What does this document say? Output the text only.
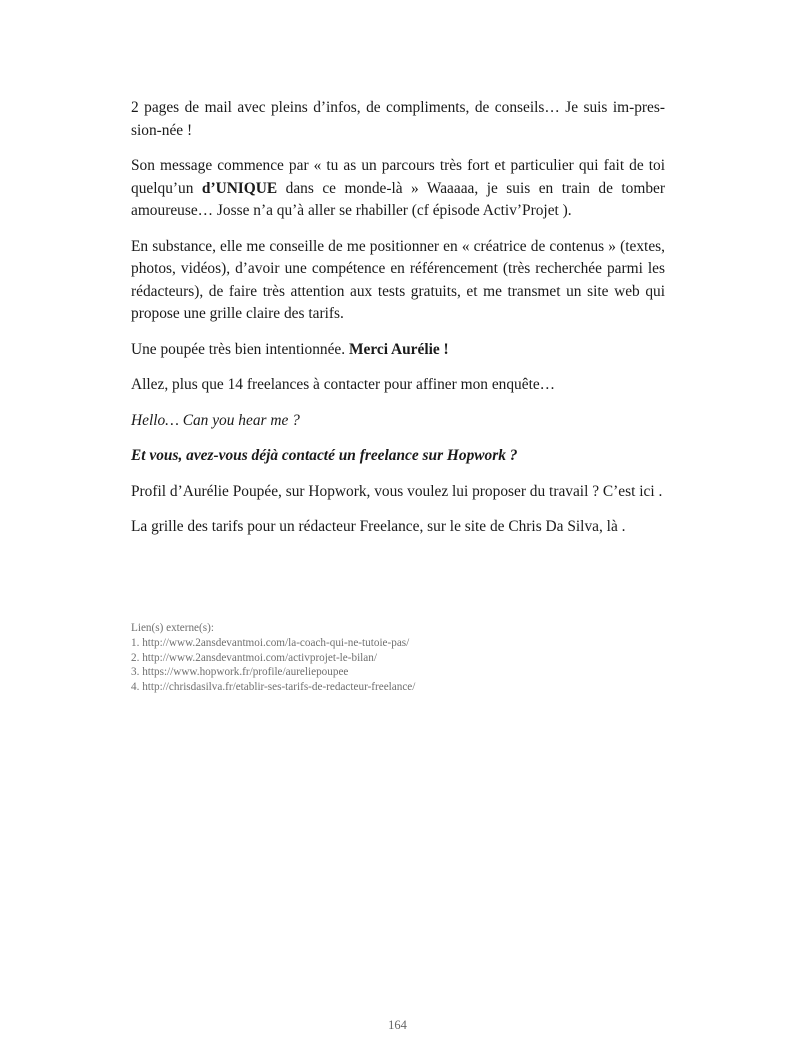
2 pages de mail avec pleins d’infos, de compliments, de conseils… Je suis im-pres-sion-née !

Son message commence par « tu as un parcours très fort et particulier qui fait de toi quelqu’un d’UNIQUE dans ce monde-là » Waaaaa, je suis en train de tomber amoureuse… Josse n’a qu’à aller se rhabiller (cf épisode Activ’Projet ).

En substance, elle me conseille de me positionner en « créatrice de contenus » (textes, photos, vidéos), d’avoir une compétence en référencement (très recherchée parmi les rédacteurs), de faire très attention aux tests gratuits, et me transmet un site web qui propose une grille claire des tarifs.

Une poupée très bien intentionnée. Merci Aurélie !

Allez, plus que 14 freelances à contacter pour affiner mon enquête…

Hello… Can you hear me ?

Et vous, avez-vous déjà contacté un freelance sur Hopwork ?

Profil d’Aurélie Poupée, sur Hopwork, vous voulez lui proposer du travail ? C’est ici .

La grille des tarifs pour un rédacteur Freelance, sur le site de Chris Da Silva, là .

Lien(s) externe(s):
1. http://www.2ansdevantmoi.com/la-coach-qui-ne-tutoie-pas/
2. http://www.2ansdevantmoi.com/activprojet-le-bilan/
3. https://www.hopwork.fr/profile/aureliepoupee
4. http://chrisdasilva.fr/etablir-ses-tarifs-de-redacteur-freelance/
164
